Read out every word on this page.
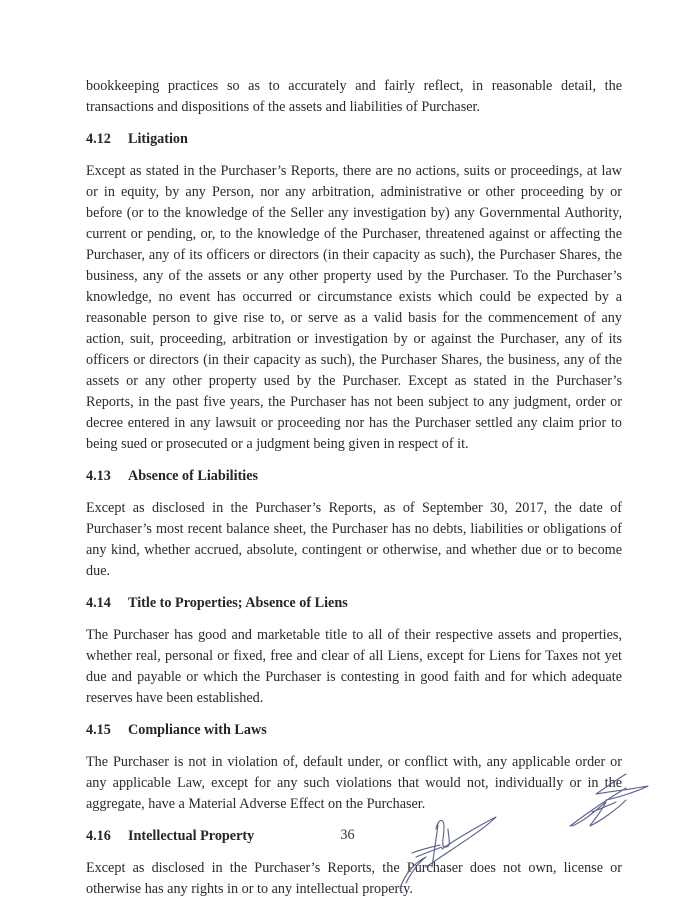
bookkeeping practices so as to accurately and fairly reflect, in reasonable detail, the transactions and dispositions of the assets and liabilities of Purchaser.

4.12	Litigation

Except as stated in the Purchaser’s Reports, there are no actions, suits or proceedings, at law or in equity, by any Person, nor any arbitration, administrative or other proceeding by or before (or to the knowledge of the Seller any investigation by) any Governmental Authority, current or pending, or, to the knowledge of the Purchaser, threatened against or affecting the Purchaser, any of its officers or directors (in their capacity as such), the Purchaser Shares, the business, any of the assets or any other property used by the Purchaser. To the Purchaser’s knowledge, no event has occurred or circumstance exists which could be expected by a reasonable person to give rise to, or serve as a valid basis for the commencement of any action, suit, proceeding, arbitration or investigation by or against the Purchaser, any of its officers or directors (in their capacity as such), the Purchaser Shares, the business, any of the assets or any other property used by the Purchaser. Except as stated in the Purchaser’s Reports, in the past five years, the Purchaser has not been subject to any judgment, order or decree entered in any lawsuit or proceeding nor has the Purchaser settled any claim prior to being sued or prosecuted or a judgment being given in respect of it.

4.13	Absence of Liabilities

Except as disclosed in the Purchaser’s Reports, as of September 30, 2017, the date of Purchaser’s most recent balance sheet, the Purchaser has no debts, liabilities or obligations of any kind, whether accrued, absolute, contingent or otherwise, and whether due or to become due.

4.14	Title to Properties; Absence of Liens

The Purchaser has good and marketable title to all of their respective assets and properties, whether real, personal or fixed, free and clear of all Liens, except for Liens for Taxes not yet due and payable or which the Purchaser is contesting in good faith and for which adequate reserves have been established.

4.15	Compliance with Laws

The Purchaser is not in violation of, default under, or conflict with, any applicable order or any applicable Law, except for any such violations that would not, individually or in the aggregate, have a Material Adverse Effect on the Purchaser.

4.16	Intellectual Property

Except as disclosed in the Purchaser’s Reports, the Purchaser does not own, license or otherwise has any rights in or to any intellectual property.

36
